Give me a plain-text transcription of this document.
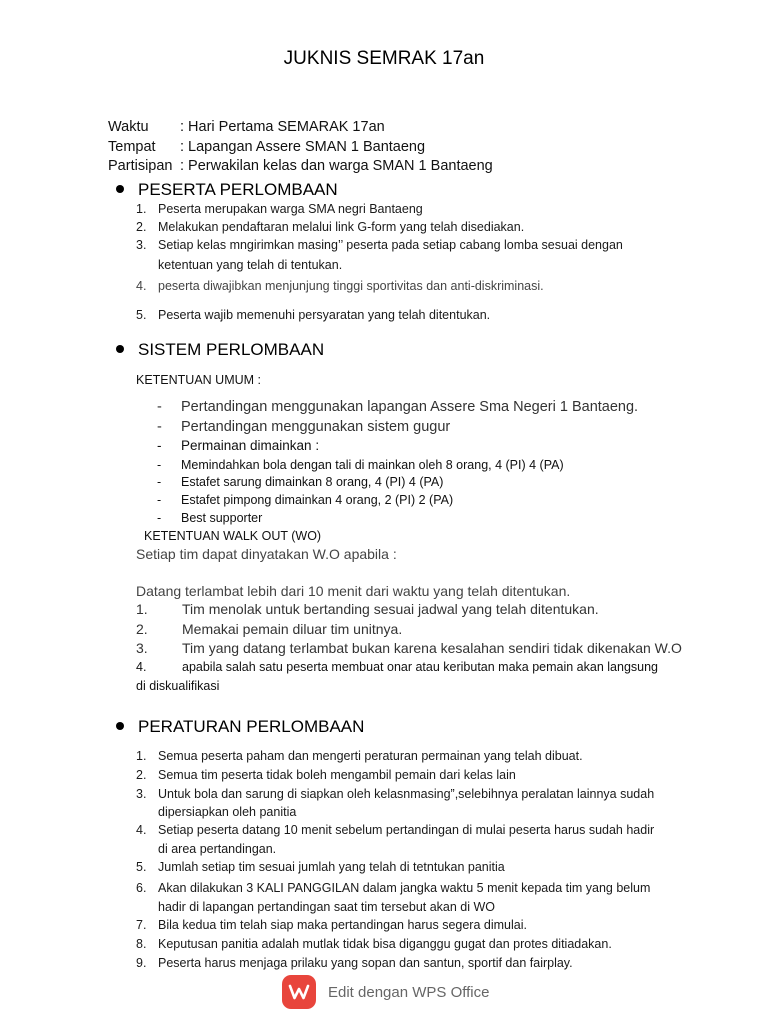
JUKNIS SEMRAK 17an
Waktu : Hari Pertama SEMARAK 17an
Tempat : Lapangan Assere SMAN 1 Bantaeng
Partisipan : Perwakilan kelas dan warga SMAN 1 Bantaeng
PESERTA PERLOMBAAN
1. Peserta merupakan warga SMA negri Bantaeng
2. Melakukan pendaftaran melalui link G-form yang telah disediakan.
3. Setiap kelas mngirimkan masing’’ peserta pada setiap cabang lomba sesuai dengan
ketentuan yang telah di tentukan.
4. peserta diwajibkan menjunjung tinggi sportivitas dan anti-diskriminasi.
5. Peserta wajib memenuhi persyaratan yang telah ditentukan.
SISTEM PERLOMBAAN
KETENTUAN UMUM :
- Pertandingan menggunakan lapangan Assere Sma Negeri 1 Bantaeng.
- Pertandingan menggunakan sistem gugur
- Permainan dimainkan :
- Memindahkan bola dengan tali di mainkan oleh 8 orang, 4 (PI) 4 (PA)
- Estafet sarung dimainkan 8 orang, 4 (PI) 4 (PA)
- Estafet pimpong dimainkan 4 orang, 2 (PI) 2 (PA)
- Best supporter
KETENTUAN WALK OUT (WO)
Setiap tim dapat dinyatakan W.O apabila :
Datang terlambat lebih dari 10 menit dari waktu yang telah ditentukan.
1. Tim menolak untuk bertanding sesuai jadwal yang telah ditentukan.
2. Memakai pemain diluar tim unitnya.
3. Tim yang datang terlambat bukan karena kesalahan sendiri tidak dikenakan W.O
4.	apabila salah satu peserta membuat onar atau keributan maka pemain akan langsung
di diskualifikasi
PERATURAN PERLOMBAAN
1. Semua peserta paham dan mengerti peraturan permainan yang telah dibuat.
2. Semua tim peserta tidak boleh mengambil pemain dari kelas lain
3. Untuk bola dan sarung di siapkan oleh kelasnmasing”,selebihnya peralatan lainnya sudah
dipersiapkan oleh panitia
4. Setiap peserta datang 10 menit sebelum pertandingan di mulai peserta harus sudah hadir
di area pertandingan.
5. Jumlah setiap tim sesuai jumlah yang telah di tetntukan panitia
6. Akan dilakukan 3 KALI PANGGILAN dalam jangka waktu 5 menit kepada tim yang belum
hadir di lapangan pertandingan saat tim tersebut akan di WO
7. Bila kedua tim telah siap maka pertandingan harus segera dimulai.
8. Keputusan panitia adalah mutlak tidak bisa diganggu gugat dan protes ditiadakan.
9. Peserta harus menjaga prilaku yang sopan dan santun, sportif dan fairplay.
Edit dengan WPS Office
